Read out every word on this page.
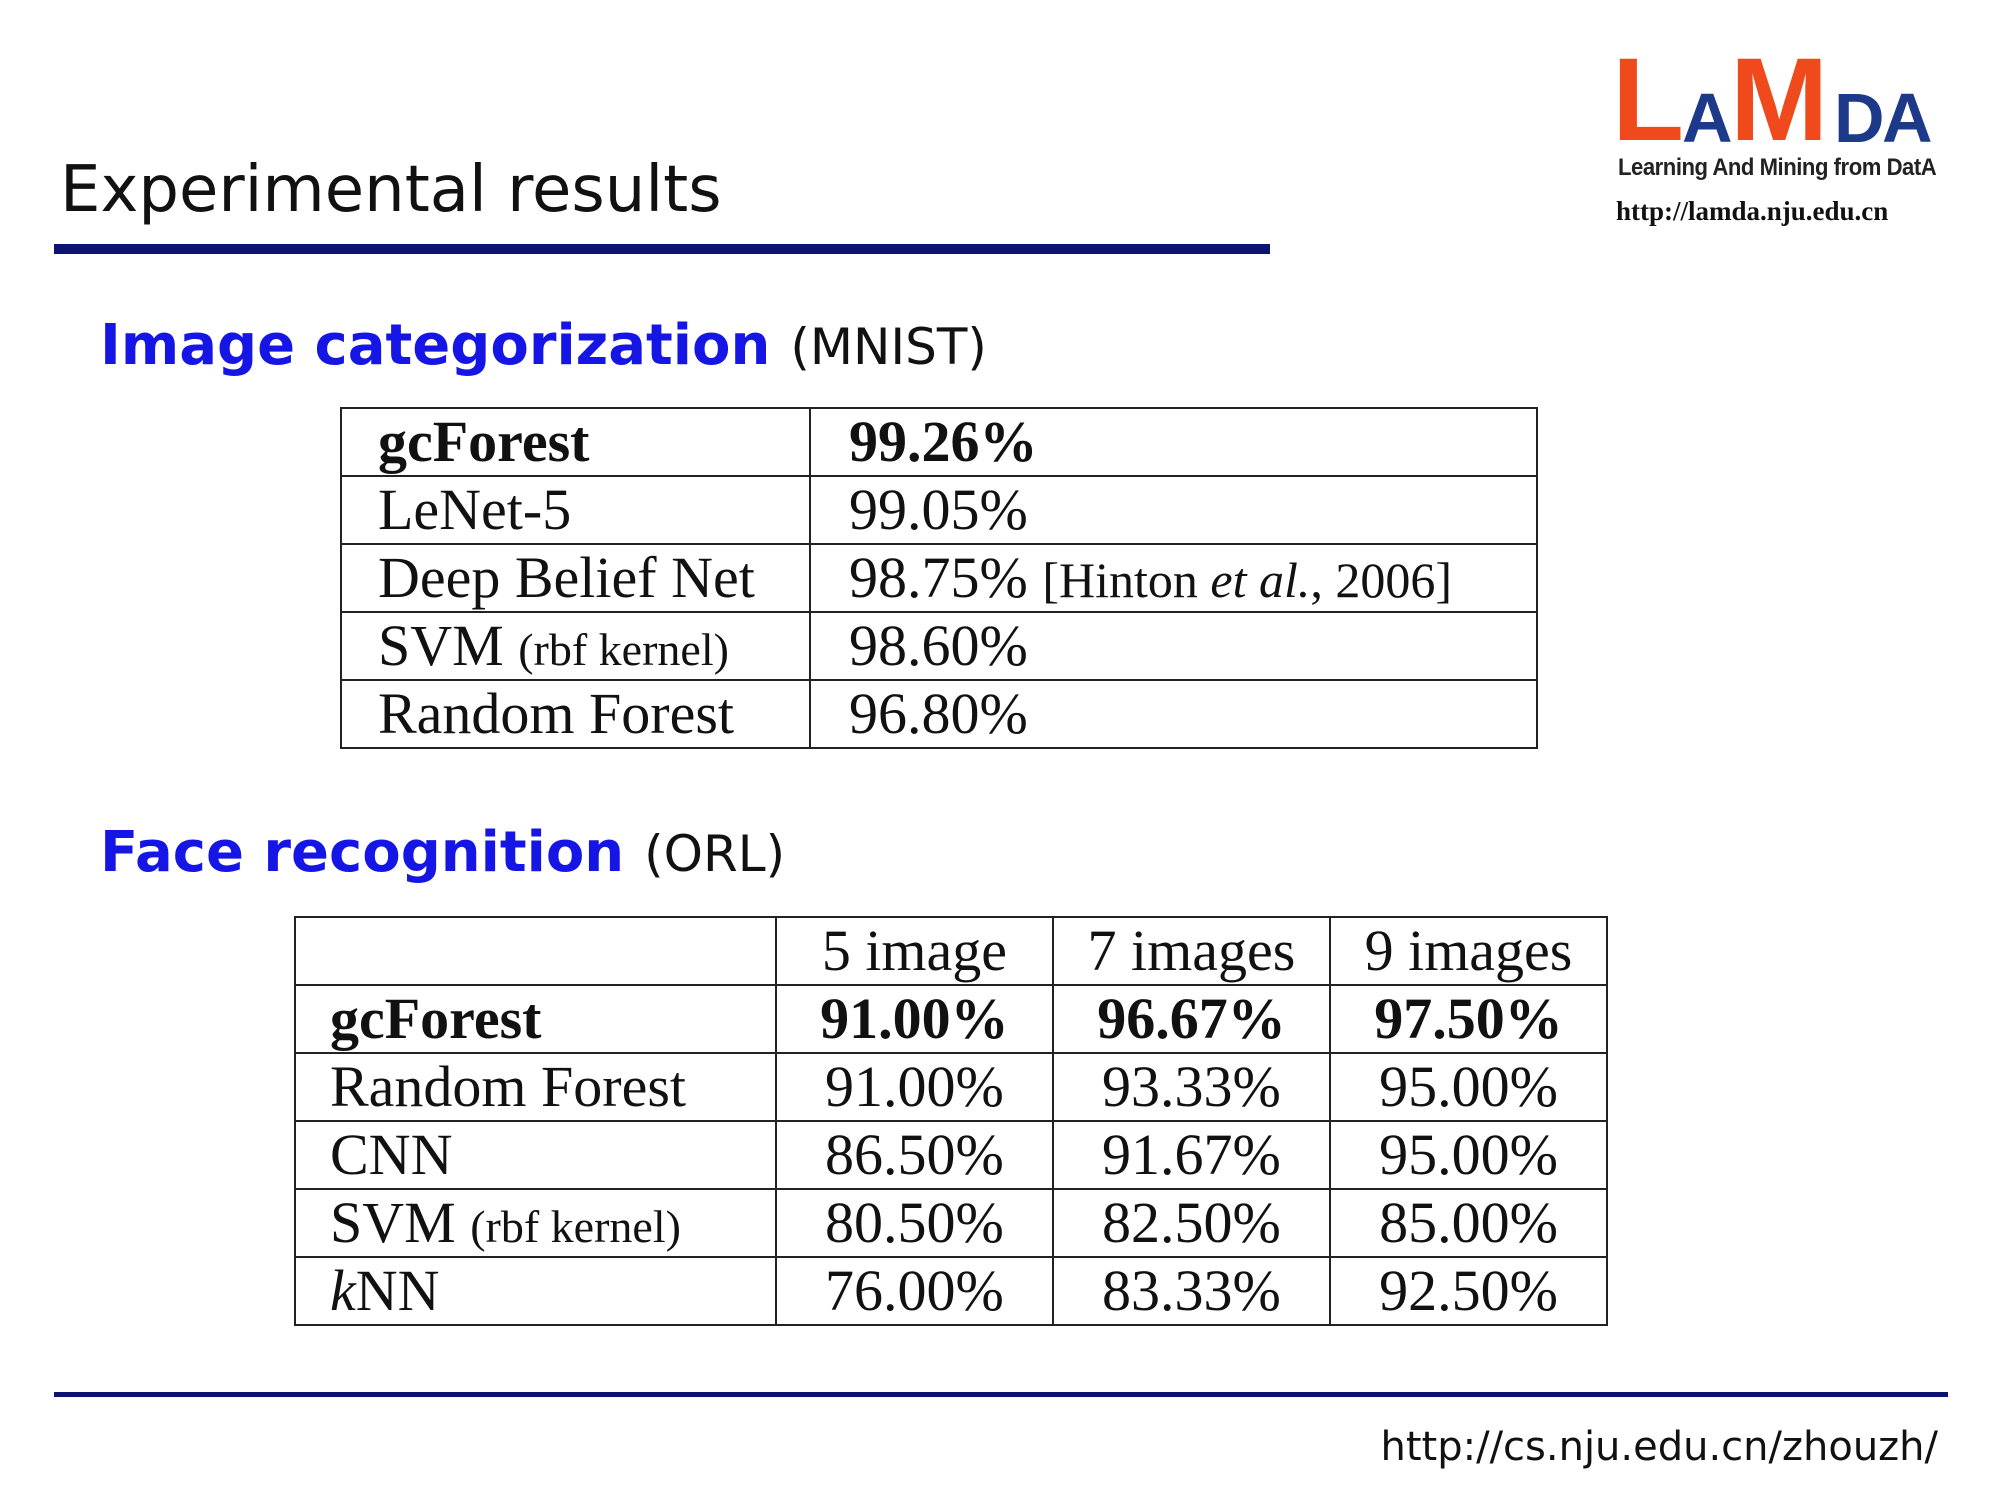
Experimental results
L
A
M D
A
Learning And Mining from DatA
http://lamda.nju.edu.cn
Image categorization (MNIST)
gcForest	99.26%
LeNet-5	99.05%
Deep Belief Net	98.75% [Hinton et al., 2006]
SVM (rbf kernel)	98.60%
Random Forest	96.80%
Face recognition (ORL)
	5 image	7 images	9 images
gcForest	91.00%	96.67%	97.50%
Random Forest	91.00%	93.33%	95.00%
CNN	86.50%	91.67%	95.00%
SVM (rbf kernel)	80.50%	82.50%	85.00%
kNN	76.00%	83.33%	92.50%
http://cs.nju.edu.cn/zhouzh/
